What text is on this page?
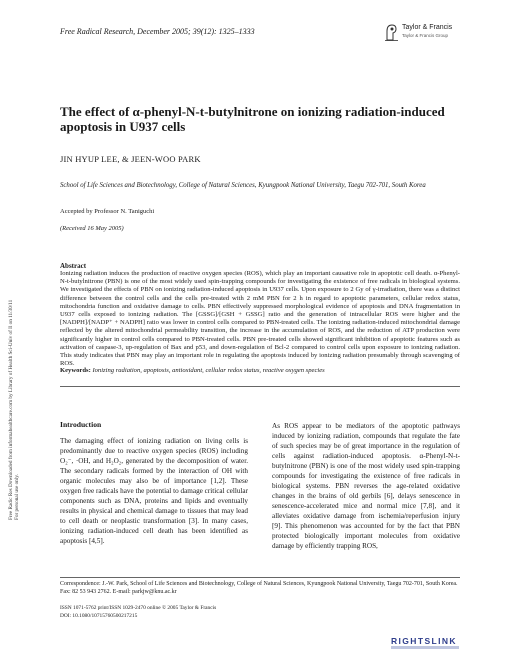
Free Radical Research, December 2005; 39(12): 1325–1333	Taylor & Francis
Taylor & Francis Group
Free Radic Res Downloaded from informahealthcare.com by Library of Health Sci-Univ of Il on 11/30/11 For personal use only.
The effect of α-phenyl-N-t-butylnitrone on ionizing radiation-induced apoptosis in U937 cells
JIN HYUP LEE, & JEEN-WOO PARK
School of Life Sciences and Biotechnology, College of Natural Sciences, Kyungpook National University, Taegu 702-701, South Korea
Accepted by Professor N. Taniguchi
(Received 16 May 2005)
Abstract
Ionizing radiation induces the production of reactive oxygen species (ROS), which play an important causative role in apoptotic cell death. α-Phenyl-N-t-butylnitrone (PBN) is one of the most widely used spin-trapping compounds for investigating the existence of free radicals in biological systems. We investigated the effects of PBN on ionizing radiation-induced apoptosis in U937 cells. Upon exposure to 2 Gy of γ-irradiation, there was a distinct difference between the control cells and the cells pre-treated with 2 mM PBN for 2 h in regard to apoptotic parameters, cellular redox status, mitochondria function and oxidative damage to cells. PBN effectively suppressed morphological evidence of apoptosis and DNA fragmentation in U937 cells exposed to ionizing radiation. The [GSSG]/[GSH + GSSG] ratio and the generation of intracellular ROS were higher and the [NADPH]/[NADP⁺ + NADPH] ratio was lower in control cells compared to PBN-treated cells. The ionizing radiation-induced mitochondrial damage reflected by the altered mitochondrial permeability transition, the increase in the accumulation of ROS, and the reduction of ATP production were significantly higher in control cells compared to PBN-treated cells. PBN pre-treated cells showed significant inhibition of apoptotic features such as activation of caspase-3, up-regulation of Bax and p53, and down-regulation of Bcl-2 compared to control cells upon exposure to ionizing radiation. This study indicates that PBN may play an important role in regulating the apoptosis induced by ionizing radiation presumably through scavenging of ROS.
Keywords: Ionizing radiation, apoptosis, antioxidant, cellular redox status, reactive oxygen species
Introduction
The damaging effect of ionizing radiation on living cells is predominantly due to reactive oxygen species (ROS) including O₂⁻, ·OH, and H₂O₂, generated by the decomposition of water. The secondary radicals formed by the interaction of OH with organic molecules may also be of importance [1,2]. These oxygen free radicals have the potential to damage critical cellular components such as DNA, proteins and lipids and eventually results in physical and chemical damage to tissues that may lead to cell death or neoplastic transformation [3]. In many cases, ionizing radiation-induced cell death has been identified as apoptosis [4,5].
As ROS appear to be mediators of the apoptotic pathways induced by ionizing radiation, compounds that regulate the fate of such species may be of great importance in the regulation of cells against radiation-induced apoptosis. α-Phenyl-N-t-butylnitrone (PBN) is one of the most widely used spin-trapping compounds for investigating the existence of free radicals in biological systems. PBN reverses the age-related oxidative changes in the brains of old gerbils [6], delays senescence in senescence-accelerated mice and normal mice [7,8], and it alleviates oxidative damage from ischemia/reperfusion injury [9]. This phenomenon was accounted for by the fact that PBN protected biologically important molecules from oxidative damage by efficiently trapping ROS,
Correspondence: J.-W. Park, School of Life Sciences and Biotechnology, College of Natural Sciences, Kyungpook National University, Taegu 702-701, South Korea. Fax: 82 53 943 2762. E-mail: parkjw@knu.ac.kr
ISSN 1071-5762 print/ISSN 1029-2470 online © 2005 Taylor & Francis
DOI: 10.1080/10715760500217215
RIGHTSLINK
